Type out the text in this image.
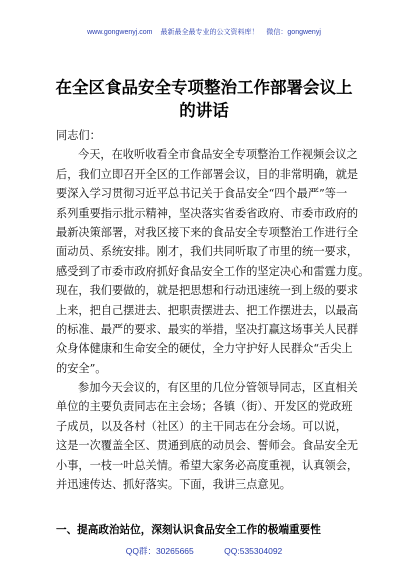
www.gongwenyj.com 最新最全最专业的公文资料库！ 微信：gongwenyj
在全区食品安全专项整治工作部署会议上
的讲话
同志们：
今天，在收听收看全市食品安全专项整治工作视频会议之
后，我们立即召开全区的工作部署会议，目的非常明确，就是
要深入学习贯彻习近平总书记关于食品安全“四个最严”等一
系列重要指示批示精神，坚决落实省委省政府、市委市政府的
最新决策部署，对我区接下来的食品安全专项整治工作进行全
面动员、系统安排。刚才，我们共同听取了市里的统一要求，
感受到了市委市政府抓好食品安全工作的坚定决心和雷霆力度。
现在，我们要做的，就是把思想和行动迅速统一到上级的要求
上来，把自己摆进去、把职责摆进去、把工作摆进去，以最高
的标准、最严的要求、最实的举措，坚决打赢这场事关人民群
众身体健康和生命安全的硬仗，全力守护好人民群众“舌尖上
的安全”。
参加今天会议的，有区里的几位分管领导同志，区直相关
单位的主要负责同志在主会场；各镇（街）、开发区的党政班
子成员，以及各村（社区）的主干同志在分会场。可以说，
这是一次覆盖全区、贯通到底的动员会、誓师会。食品安全无
小事，一枝一叶总关情。希望大家务必高度重视，认真领会，
并迅速传达、抓好落实。下面，我讲三点意见。
一、提高政治站位，深刻认识食品安全工作的极端重要性
QQ群：30265665	QQ:535304092
